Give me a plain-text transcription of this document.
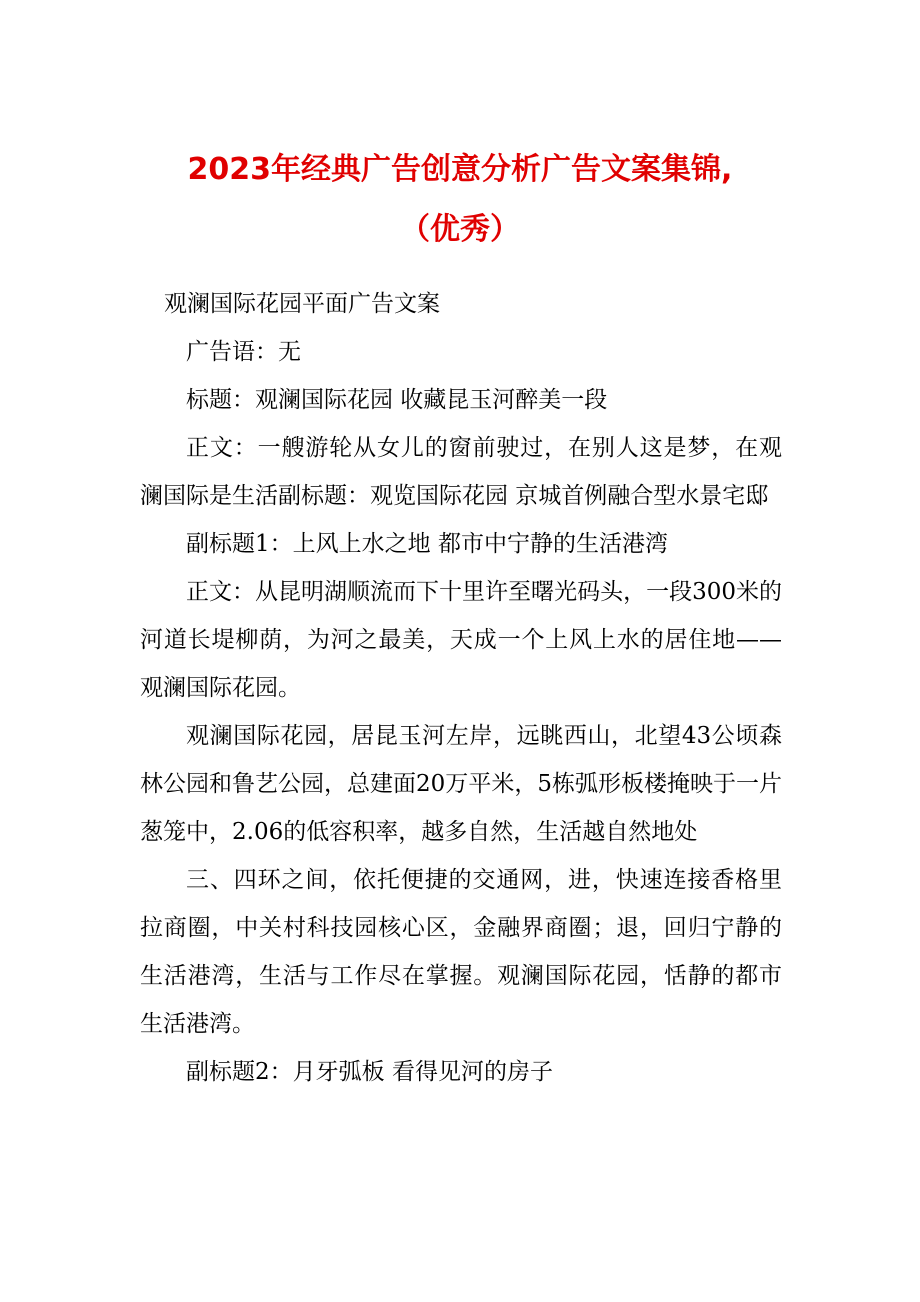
2023年经典广告创意分析广告文案集锦,
（优秀）

观澜国际花园平面广告文案

广告语：无

标题：观澜国际花园 收藏昆玉河醉美一段

正文：一艘游轮从女儿的窗前驶过，在别人这是梦，在观澜国际是生活副标题：观览国际花园 京城首例融合型水景宅邸

副标题1：上风上水之地 都市中宁静的生活港湾

正文：从昆明湖顺流而下十里许至曙光码头，一段300米的河道长堤柳荫，为河之最美，天成一个上风上水的居住地——观澜国际花园。

观澜国际花园，居昆玉河左岸，远眺西山，北望43公顷森林公园和鲁艺公园，总建面20万平米，5栋弧形板楼掩映于一片葱笼中，2.06的低容积率，越多自然，生活越自然地处

三、四环之间，依托便捷的交通网，进，快速连接香格里拉商圈，中关村科技园核心区，金融界商圈；退，回归宁静的生活港湾，生活与工作尽在掌握。观澜国际花园，恬静的都市生活港湾。

副标题2：月牙弧板 看得见河的房子
